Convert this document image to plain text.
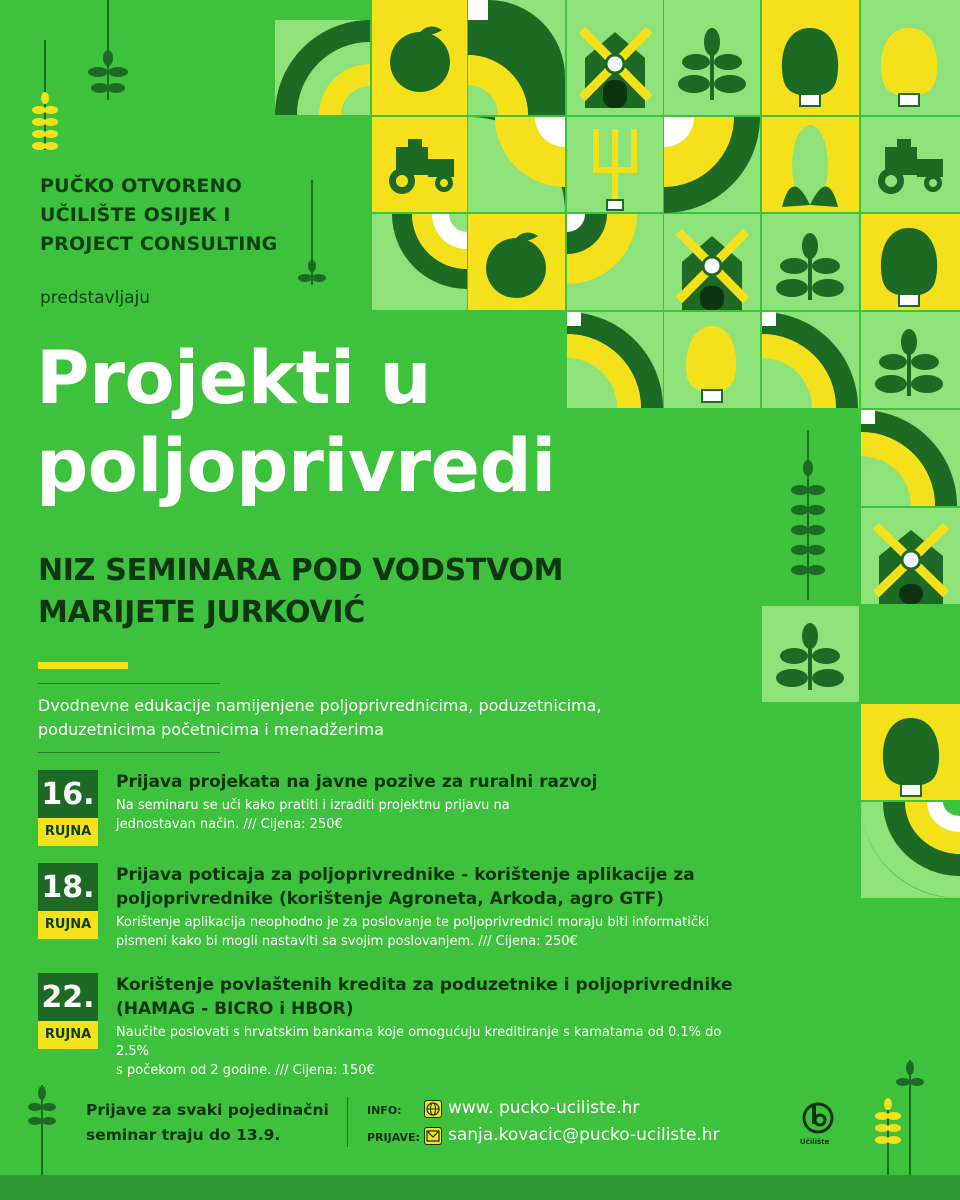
PUČKO OTVORENO
UČILIŠTE OSIJEK I
PROJECT CONSULTING
predstavljaju
Projekti u
poljoprivredi
NIZ SEMINARA POD VODSTVOM
MARIJETE JURKOVIĆ
Dvodnevne edukacije namijenjene poljoprivrednicima, poduzetnicima,
poduzetnicima početnicima i menadžerima
16.
RUJNA
Prijava projekata na javne pozive za ruralni razvoj
Na seminaru se uči kako pratiti i izraditi projektnu prijavu na
jednostavan način. /// Cijena: 250€
18.
RUJNA
Prijava poticaja za poljoprivrednike - korištenje aplikacije za
poljoprivrednike (korištenje Agroneta, Arkoda, agro GTF)
Korištenje aplikacija neophodno je za poslovanje te poljoprivrednici moraju biti informatički
pismeni kako bi mogli nastaviti sa svojim poslovanjem. /// Cijena: 250€
22.
RUJNA
Korištenje povlaštenih kredita za poduzetnike i poljoprivrednike
(HAMAG - BICRO i HBOR)
Naučite poslovati s hrvatskim bankama koje omogućuju kreditiranje s kamatama od 0.1% do 2.5%
s počekom od 2 godine. /// Cijena: 150€
Prijave za svaki pojedinačni
seminar traju do 13.9.
INFO:	www. pucko-uciliste.hr
PRIJAVE: sanja.kovacic@pucko-uciliste.hr	Učilište
